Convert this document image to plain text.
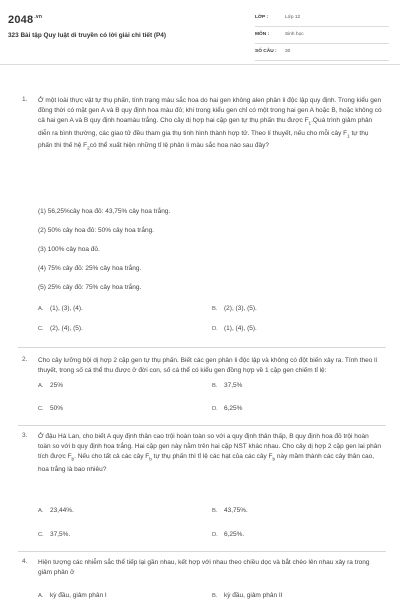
$2048^{.vn}$
323 Bài tập Quy luật di truyền có lời giải chi tiết (P4)
LỚP :	Lớp 12
MÔN :	Sinh học
SỐ CÂU : 30
1. Ở một loài thực vật tự thụ phấn, tính trạng màu sắc hoa do hai gen không alen phân li độc lập quy định. Trong kiểu gen đồng thời có mặt gen A và B quy định hoa màu đỏ; khi trong kiểu gen chỉ có một trong hai gen A hoặc B, hoặc không có cả hai gen A và B quy định hoamàu trắng. Cho cây dị hợp hai cặp gen tự thụ phấn thu được $F_1.Quá$ trình giảm phân diễn ra bình thường, các giao tử đều tham gia thụ tinh hình thành hợp tử. Theo lí thuyết, nếu cho mỗi cây $F_1$ tự thụ phấn thì thế hệ $F_2có$ thể xuất hiện những tỉ lệ phân li màu sắc hoa nào sau đây?
(1) 56,25%cây hoa đỏ: 43,75% cây hoa trắng.
(2) 50% cây hoa đỏ: 50% cây hoa trắng.
(3) 100% cây hoa đỏ.
(4) 75% cây đỏ: 25% cây hoa trắng.
(5) 25% cây đỏ: 75% cây hoa trắng.
A. (1), (3), (4).	B. (2), (3), (5).
C. (2), (4), (5).	D. (1), (4), (5).
2. Cho cây lưỡng bội dị hợp 2 cặp gen tự thụ phấn. Biết các gen phân li độc lập và không có đột biến xảy ra. Tính theo lí thuyết, trong số cá thể thu được ở đời con, số cá thể có kiểu gen đồng hợp về 1 cặp gen chiếm tỉ lệ:
A. 25%	B. 37,5%
C. 50%	D. 6,25%
3. Ở đậu Hà Lan, cho biết A quy định thân cao trội hoàn toàn so với a quy định thân thấp, B quy định hoa đỏ trội hoàn toàn so với b quy định hoa trắng. Hai cặp gen này nằm trên hai cặp NST khác nhau. Cho cây dị hợp 2 cặp gen lai phân tích được $F_b$. Nếu cho tất cả các cây $F_b$ tự thụ phấn thì tỉ lệ các hạt của các cây $F_b$ này mầm thành các cây thân cao, hoa trắng là bao nhiêu?
A. 23,44%.	B. 43,75%.
C. 37,5%.	D. 6,25%.
4. Hiện tượng các nhiễm sắc thể tiếp lại gần nhau, kết hợp với nhau theo chiều dọc và bắt chéo lên nhau xảy ra trong giảm phân ở
A. kỳ đầu, giảm phân I	B. kỳ đầu, giảm phân II
